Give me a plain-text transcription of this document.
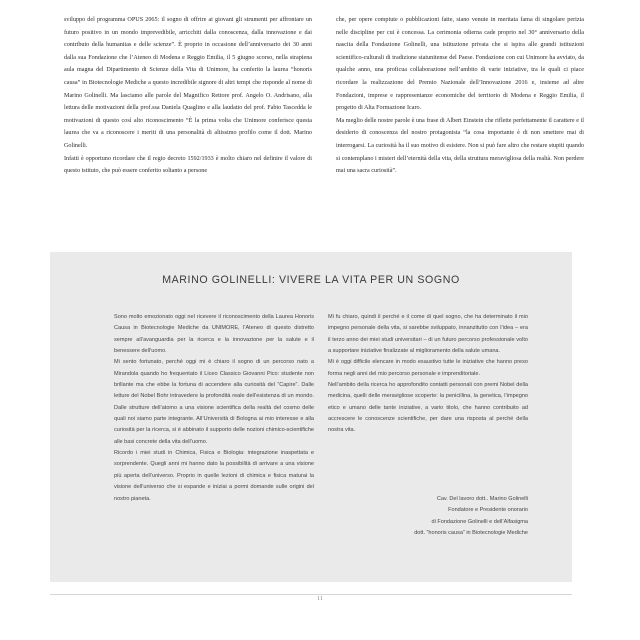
sviluppo del programma OPUS 2065: il sogno di offrire ai giovani gli strumenti per affrontare un futuro positivo in un mondo imprevedibile, arricchiti dalla conoscenza, dalla innovazione e dai contributo della humanitas e delle scienze”. È proprio in occasione dell’anniversario dei 30 anni dalla sua Fondazione che l’Ateneo di Modena e Reggio Emilia, il 5 giugno scorso, nella strapiena aula magna del Dipartimento di Scienze della Vita di Unimore, ha conferito la laurea “honoris causa” in Biotecnologie Mediche a questo incredibile signore di altri tempi che risponde al nome di Marino Golinelli. Ma lasciamo alle parole del Magnifico Rettore prof. Angelo O. Andrisano, alla lettura delle motivazioni della prof.ssa Daniela Quaglino e alla laudatio del prof. Fabio Tascedda le motivazioni di questo così alto riconoscimento “È la prima volta che Unimore conferisce questa laurea che va a riconoscere i meriti di una personalità di altissimo profilo come il dott. Marino Golinelli.

Infatti è opportuno ricordare che il regio decreto 1592/1933 è molto chiaro nel definire il valore di questo istituto, che può essere conferito soltanto a persone

che, per opere compiute o pubblicazioni fatte, siano venute in meritata fama di singolare perizia nelle discipline per cui è concessa. La cerimonia odierna cade proprio nel 30° anniversario della nascita della Fondazione Golinelli, una istituzione privata che si ispira alle grandi istituzioni scientifico-culturali di tradizione statunitense del Paese. Fondazione con cui Unimore ha avviato, da qualche anno, una proficua collaborazione nell’ambito di varie iniziative, tra le quali ci piace ricordare la realizzazione del Premio Nazionale dell’Innovazione 2016 e, insieme ad altre Fondazioni, imprese e rappresentanze economiche del territorio di Modena e Reggio Emilia, il progetto di Alta Formazione Icaro.

Ma meglio delle nostre parole è una frase di Albert Einstein che riflette perfettamente il carattere e il desiderio di conoscenza del nostro protagonista “la cosa importante è di non smettere mai di interrogarsi. La curiosità ha il suo motivo di esistere. Non si può fare altro che restare stupiti quando si contemplano i misteri dell’eternità della vita, della struttura meravigliosa della realtà. Non perdere mai una sacra curiosità”.

MARINO GOLINELLI: VIVERE LA VITA PER UN SOGNO

Sono molto emozionato oggi nel ricevere il riconoscimento della Laurea Honoris Causa in Biotecnologie Mediche da UNIMORE, l’Ateneo di questo distretto sempre all’avanguardia per la ricerca e la innovazione per la salute e il benessere dell’uomo.

Mi sento fortunato, perché oggi mi è chiaro il sogno di un percorso nato a Mirandola quando ho frequentato il Liceo Classico Giovanni Pico: studente non brillante ma che ebbe la fortuna di accendere alla curiosità del “Capire”. Dalle letture del Nobel Bohr intravedere la profondità reale dell’esistenza di un mondo. Dalle strutture dell’atomo a una visione scientifica della realtà del cosmo delle quali noi siamo parte integrante. All’Università di Bologna ai mio interesse e alla curiosità per la ricerca, si è abbinato il supporto delle nozioni chimico-scientifiche alle basi concrete della vita dell’uomo.

Ricordo i miei studi in Chimica, Fisica e Biologia: integrazione inaspettata e sorprendente. Quegli anni mi hanno dato la possibilità di arrivare a una visione più aperta dell’universo. Proprio in quelle lezioni di chimica e fisica maturai la visione dell’universo che si espande e iniziai a pormi domande sulle origini del nostro pianeta.

Mi fu chiaro, quindi il perché e il come di quel sogno, che ha determinato il mio impegno personale della vita, si sarebbe sviluppato, innanzitutto con l’idea – era il terzo anno dei miei studi universitari – di un futuro percorso professionale volto a supportare iniziative finalizzate al miglioramento della salute umana.

Mi è oggi difficile elencare in modo esaustivo tutte le iniziative che hanno preso forma negli anni del mio percorso personale e imprenditoriale.

Nell’ambito della ricerca ho approfondito contatti personali con premi Nobel della medicina, quelli delle meravigliose scoperte: la penicillina, la genetica, l’impegno etico e umano delle tante iniziative, a vario titolo, che hanno contribuito ad accrescere le conoscenze scientifiche, per dare una risposta al perché della nostra vita.

Cav. Del lavoro dott.. Marino Golinelli
Fondatore e Presidente onorario
di Fondazione Golinelli e dell’Alfasigma
dott. “honoris causa” in Biotecnologie Mediche
11
